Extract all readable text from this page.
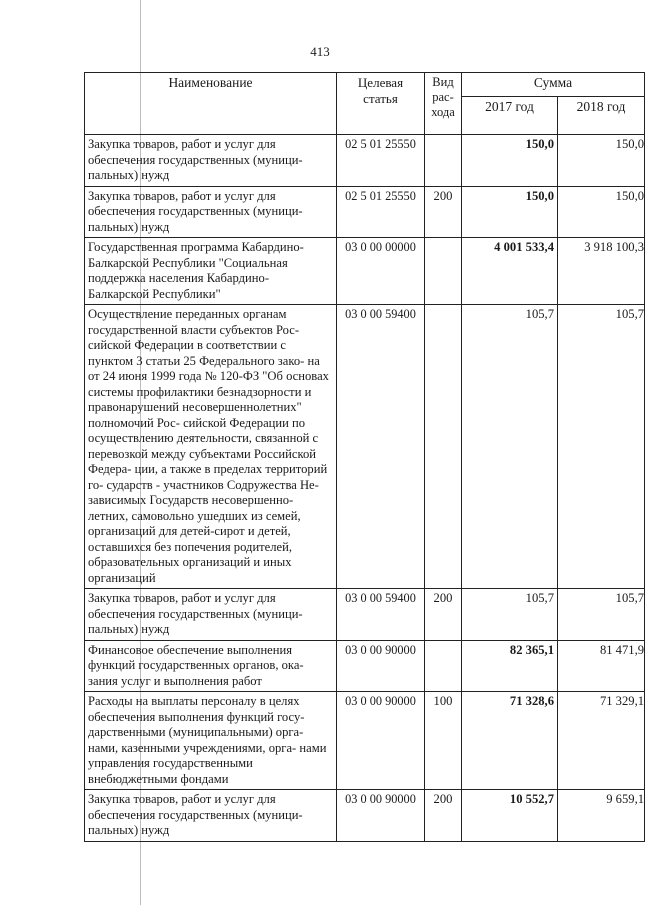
413
Наименование	Целевая статья	Вид рас- хода	Сумма	
			2017 год	2018 год
Закупка товаров, работ и услуг для обеспечения государственных (муници- пальных) нужд	02 5 01 25550		150,0	150,0
Закупка товаров, работ и услуг для обеспечения государственных (муници- пальных) нужд	02 5 01 25550	200	150,0	150,0
Государственная программа Кабардино- Балкарской Республики "Социальная поддержка населения Кабардино- Балкарской Республики"	03 0 00 00000		4 001 533,4	3 918 100,3
Осуществление переданных органам государственной власти субъектов Рос- сийской Федерации в соответствии с пунктом 3 статьи 25 Федерального зако- на от 24 июня 1999 года № 120-ФЗ "Об основах системы профилактики безнадзорности и правонарушений несовершеннолетних" полномочий Рос- сийской Федерации по осуществлению деятельности, связанной с перевозкой между субъектами Российской Федера- ции, а также в пределах территорий го- сударств - участников Содружества Не- зависимых Государств несовершенно- летних, самовольно ушедших из семей, организаций для детей-сирот и детей, оставшихся без попечения родителей, образовательных организаций и иных организаций	03 0 00 59400		105,7	105,7
Закупка товаров, работ и услуг для обеспечения государственных (муници- пальных) нужд	03 0 00 59400	200	105,7	105,7
Финансовое обеспечение выполнения функций государственных органов, ока- зания услуг и выполнения работ	03 0 00 90000		82 365,1	81 471,9
Расходы на выплаты персоналу в целях обеспечения выполнения функций госу- дарственными (муниципальными) орга- нами, казенными учреждениями, орга- нами управления государственными внебюджетными фондами	03 0 00 90000	100	71 328,6	71 329,1
Закупка товаров, работ и услуг для обеспечения государственных (муници- пальных) нужд	03 0 00 90000	200	10 552,7	9 659,1
